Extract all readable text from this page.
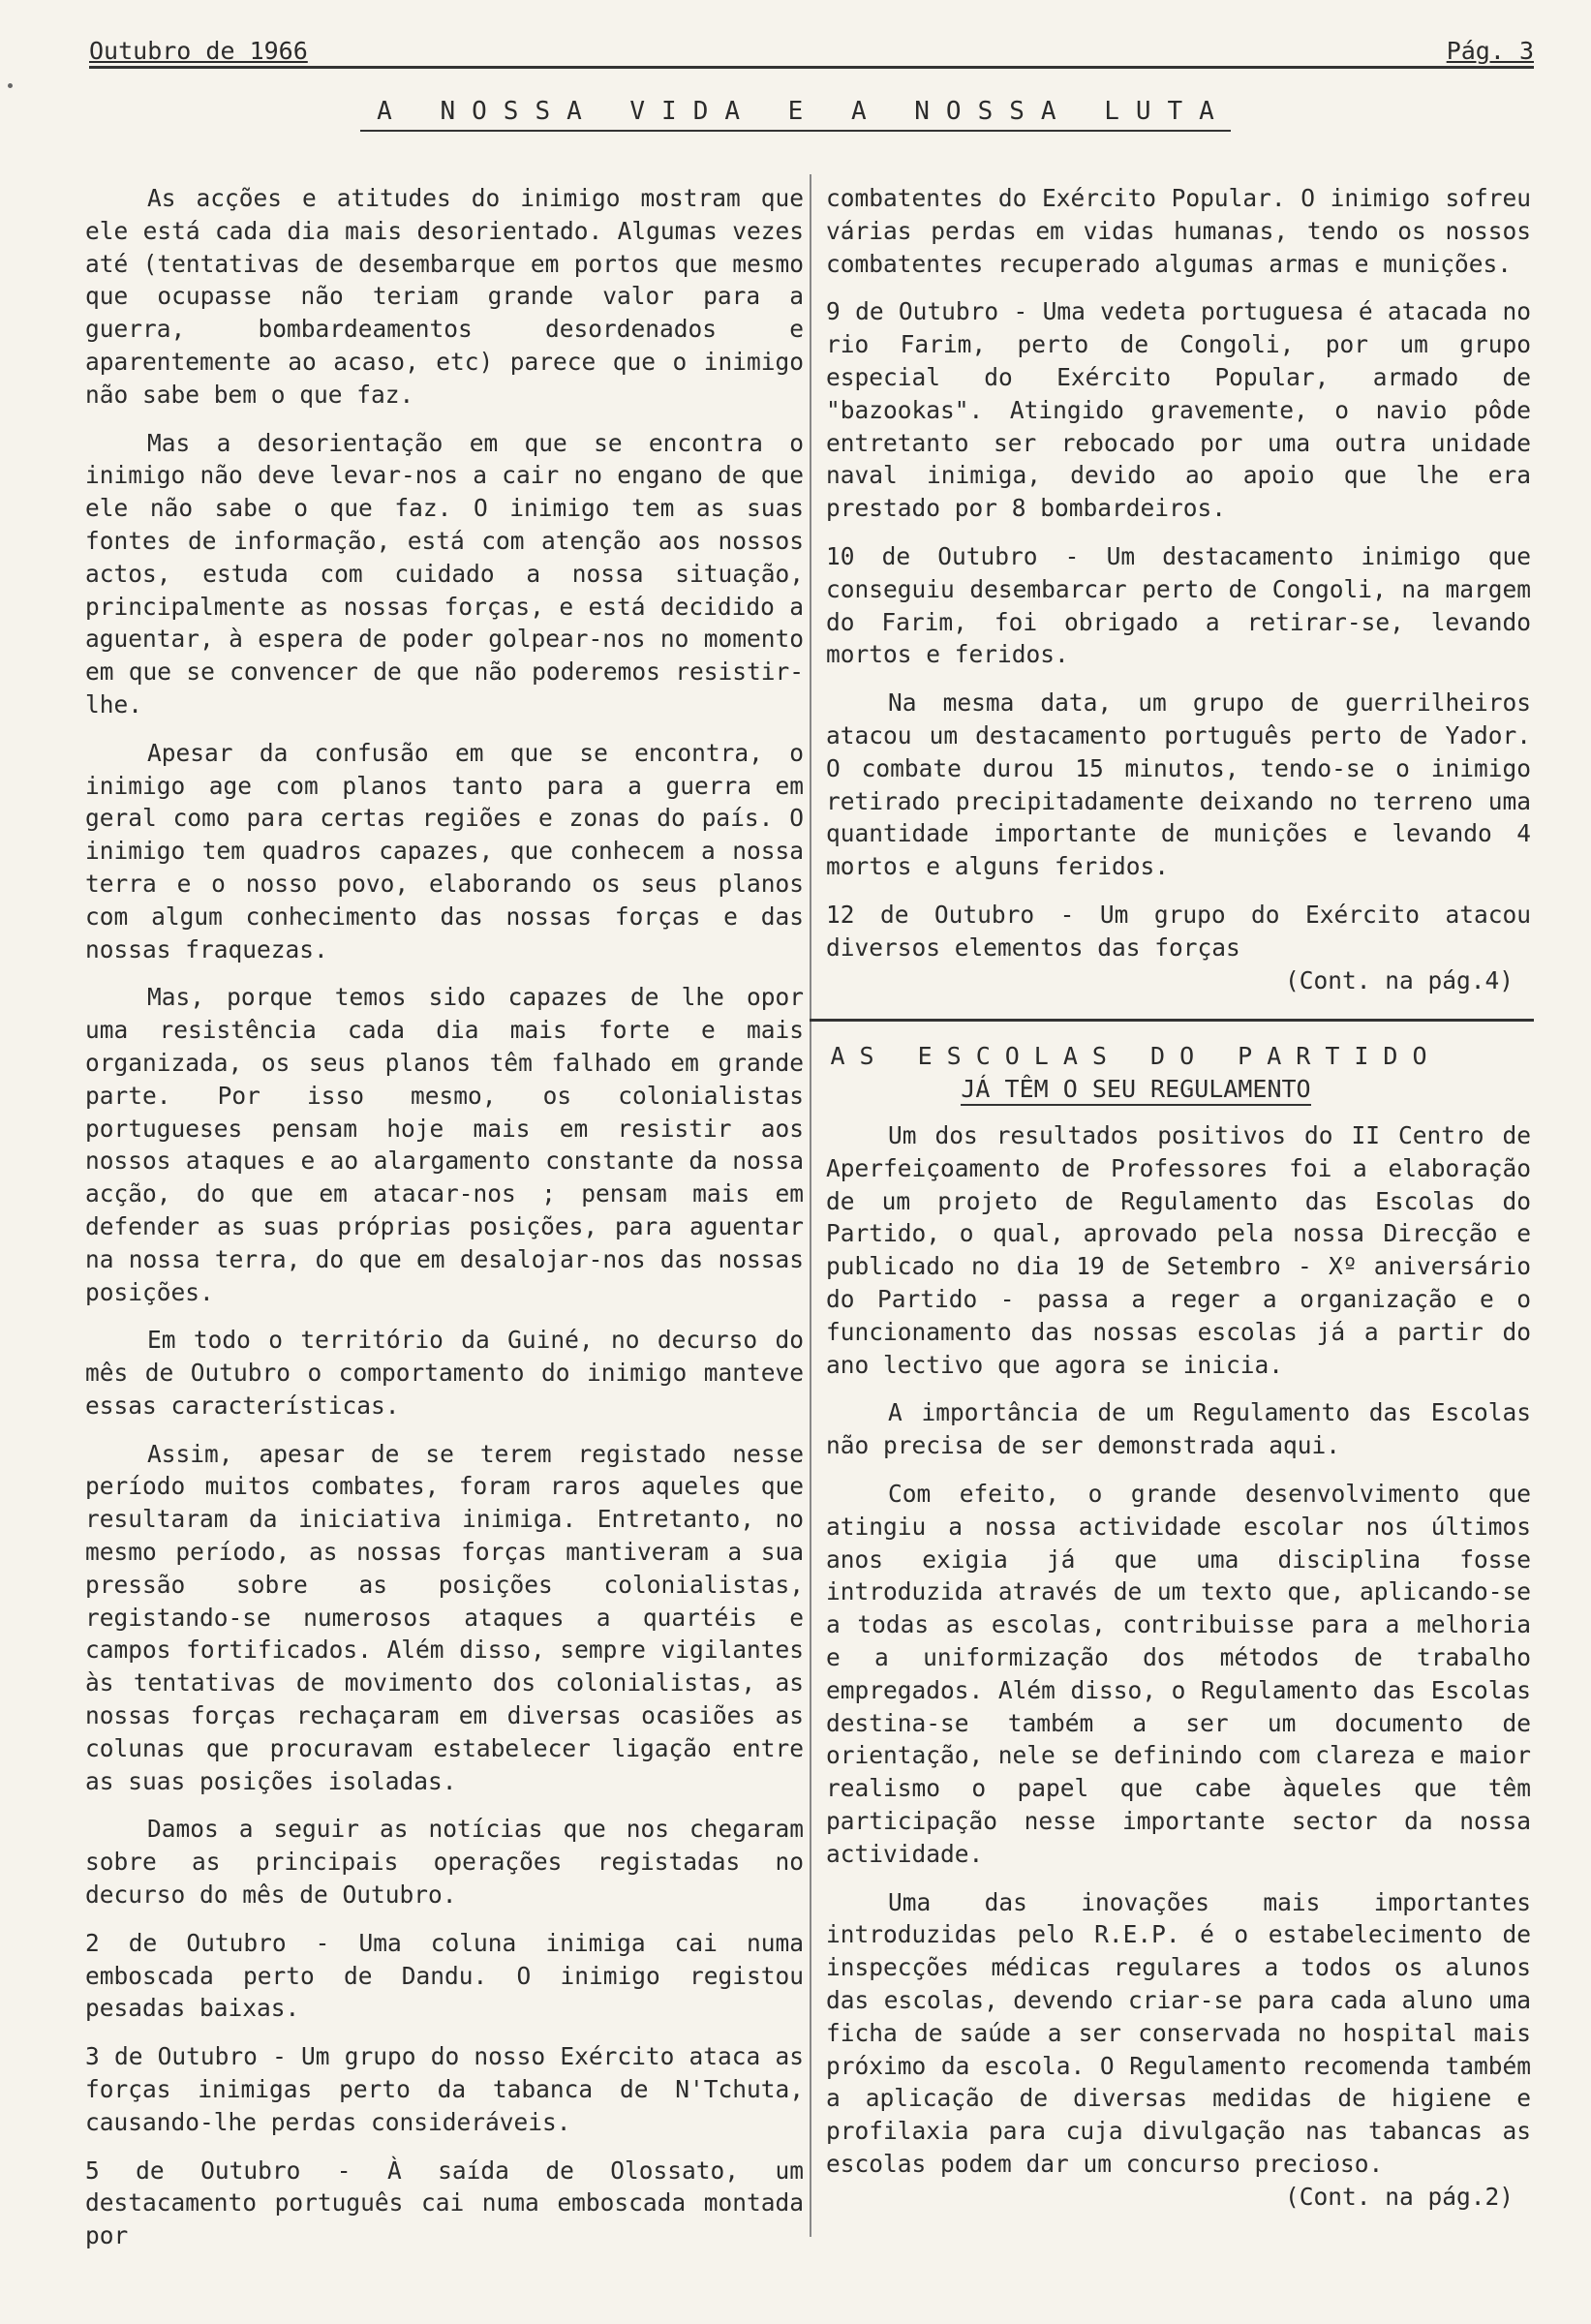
Outubro de 1966	Pág. 3
A NOSSA VIDA E A NOSSA LUTA

As acções e atitudes do inimigo mostram que ele está cada dia mais desorientado. Algumas vezes até (tentativas de desembarque em portos que mesmo que ocupasse não teriam grande valor para a guerra, bombardeamentos desordenados e aparentemente ao acaso, etc) parece que o inimigo não sabe bem o que faz.

Mas a desorientação em que se encontra o inimigo não deve levar-nos a cair no engano de que ele não sabe o que faz. O inimigo tem as suas fontes de informação, está com atenção aos nossos actos, estuda com cuidado a nossa situação, principalmente as nossas forças, e está decidido a aguentar, à espera de poder golpear-nos no momento em que se convencer de que não poderemos resistir-lhe.

Apesar da confusão em que se encontra, o inimigo age com planos tanto para a guerra em geral como para certas regiões e zonas do país. O inimigo tem quadros capazes, que conhecem a nossa terra e o nosso povo, elaborando os seus planos com algum conhecimento das nossas forças e das nossas fraquezas.

Mas, porque temos sido capazes de lhe opor uma resistência cada dia mais forte e mais organizada, os seus planos têm falhado em grande parte. Por isso mesmo, os colonialistas portugueses pensam hoje mais em resistir aos nossos ataques e ao alargamento constante da nossa acção, do que em atacar-nos ; pensam mais em defender as suas próprias posições, para aguentar na nossa terra, do que em desalojar-nos das nossas posições.

Em todo o território da Guiné, no decurso do mês de Outubro o comportamento do inimigo manteve essas características.

Assim, apesar de se terem registado nesse período muitos combates, foram raros aqueles que resultaram da iniciativa inimiga. Entretanto, no mesmo período, as nossas forças mantiveram a sua pressão sobre as posições colonialistas, registando-se numerosos ataques a quartéis e campos fortificados. Além disso, sempre vigilantes às tentativas de movimento dos colonialistas, as nossas forças rechaçaram em diversas ocasiões as colunas que procuravam estabelecer ligação entre as suas posições isoladas.

Damos a seguir as notícias que nos chegaram sobre as principais operações registadas no decurso do mês de Outubro.

2 de Outubro - Uma coluna inimiga cai numa emboscada perto de Dandu. O inimigo registou pesadas baixas.

3 de Outubro - Um grupo do nosso Exército ataca as forças inimigas perto da tabanca de N'Tchuta, causando-lhe perdas consideráveis.

5 de Outubro - À saída de Olossato, um destacamento português cai numa emboscada montada por

combatentes do Exército Popular. O inimigo sofreu várias perdas em vidas humanas, tendo os nossos combatentes recuperado algumas armas e munições.

9 de Outubro - Uma vedeta portuguesa é atacada no rio Farim, perto de Congoli, por um grupo especial do Exército Popular, armado de "bazookas". Atingido gravemente, o navio pôde entretanto ser rebocado por uma outra unidade naval inimiga, devido ao apoio que lhe era prestado por 8 bombardeiros.

10 de Outubro - Um destacamento inimigo que conseguiu desembarcar perto de Congoli, na margem do Farim, foi obrigado a retirar-se, levando mortos e feridos.

Na mesma data, um grupo de guerrilheiros atacou um destacamento português perto de Yador. O combate durou 15 minutos, tendo-se o inimigo retirado precipitadamente deixando no terreno uma quantidade importante de munições e levando 4 mortos e alguns feridos.

12 de Outubro - Um grupo do Exército atacou diversos elementos das forças

(Cont. na pág.4)
AS ESCOLAS DO PARTIDO
JÁ TÊM O SEU REGULAMENTO

Um dos resultados positivos do II Centro de Aperfeiçoamento de Professores foi a elaboração de um projeto de Regulamento das Escolas do Partido, o qual, aprovado pela nossa Direcção e publicado no dia 19 de Setembro - Xº aniversário do Partido - passa a reger a organização e o funcionamento das nossas escolas já a partir do ano lectivo que agora se inicia.

A importância de um Regulamento das Escolas não precisa de ser demonstrada aqui.

Com efeito, o grande desenvolvimento que atingiu a nossa actividade escolar nos últimos anos exigia já que uma disciplina fosse introduzida através de um texto que, aplicando-se a todas as escolas, contribuisse para a melhoria e a uniformização dos métodos de trabalho empregados. Além disso, o Regulamento das Escolas destina-se também a ser um documento de orientação, nele se definindo com clareza e maior realismo o papel que cabe àqueles que têm participação nesse importante sector da nossa actividade.

Uma das inovações mais importantes introduzidas pelo R.E.P. é o estabelecimento de inspecções médicas regulares a todos os alunos das escolas, devendo criar-se para cada aluno uma ficha de saúde a ser conservada no hospital mais próximo da escola. O Regulamento recomenda também a aplicação de diversas medidas de higiene e profilaxia para cuja divulgação nas tabancas as escolas podem dar um concurso precioso.

(Cont. na pág.2)
